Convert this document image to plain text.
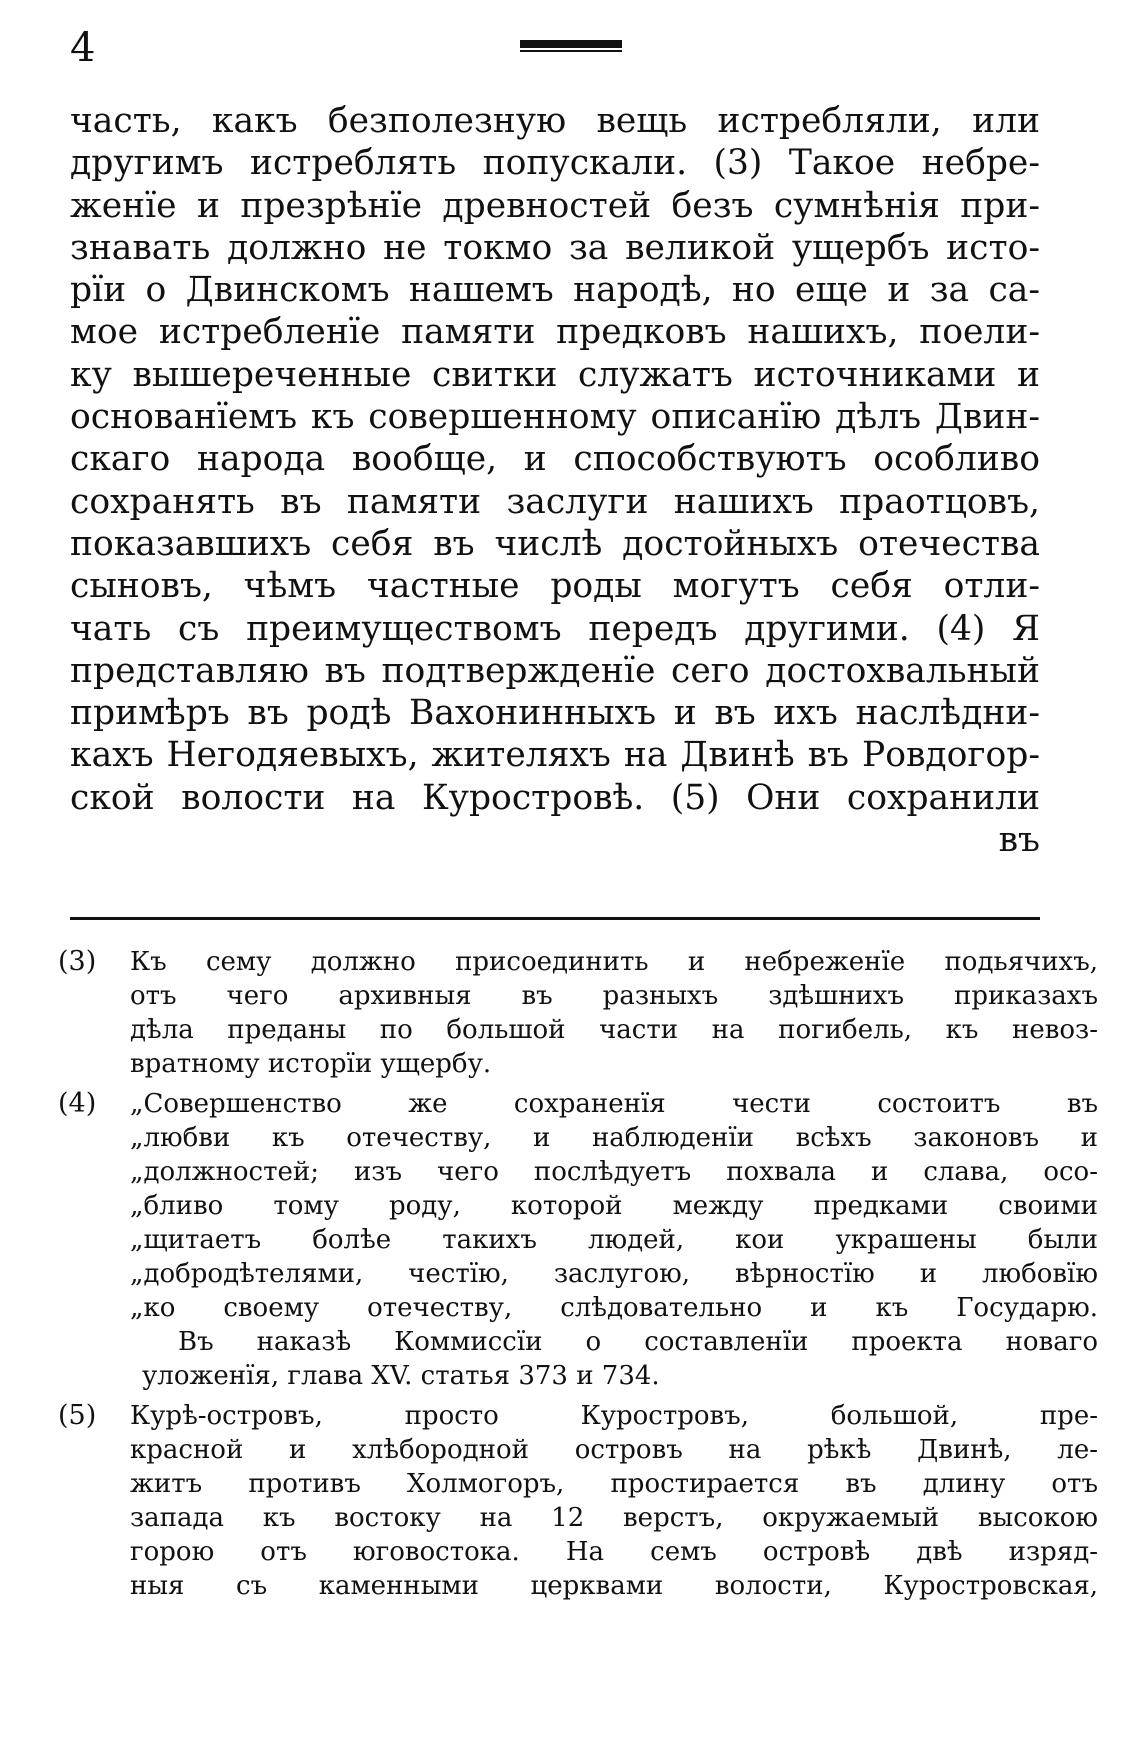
4
часть, какъ безполезную вещь истребляли, или
другимъ истреблять попускали. (3) Такое небре-
женїе и презрѣнїе древностей безъ сумнѣнія при-
знавать должно не токмо за великой ущербъ исто-
рїи о Двинскомъ нашемъ народѣ, но еще и за са-
мое истребленїе памяти предковъ нашихъ, поели-
ку вышереченные свитки служатъ источниками и
основанїемъ къ совершенному описанїю дѣлъ Двин-
скаго народа вообще, и способствуютъ особливо
сохранять въ памяти заслуги нашихъ праотцовъ,
показавшихъ себя въ числѣ достойныхъ отечества
сыновъ, чѣмъ частные роды могутъ себя отли-
чать съ преимуществомъ передъ другими. (4) Я
представляю въ подтвержденїе сего достохвальный
примѣръ въ родѣ Вахонинныхъ и въ ихъ наслѣдни-
кахъ Негодяевыхъ, жителяхъ на Двинѣ въ Ровдогор-
ской волости на Куростровѣ. (5) Они сохранили
въ
(3) Къ сему должно присоединить и небреженїе подьячихъ,
отъ чего архивныя въ разныхъ здѣшнихъ приказахъ
дѣла преданы по большой части на погибель, къ невоз-
вратному исторїи ущербу.
(4) „Совершенство же сохраненїя чести состоитъ въ
„любви къ отечеству, и наблюденїи всѣхъ законовъ и
„должностей; изъ чего послѣдуетъ похвала и слава, осо-
„бливо тому роду, которой между предками своими
„щитаетъ болѣе такихъ людей, кои украшены были
„добродѣтелями, честїю, заслугою, вѣрностїю и любовїю
„ко своему отечеству, слѣдовательно и къ Государю.
Въ наказѣ Коммиссїи о составленїи проекта новаго
уложенїя, глава XV. статья 373 и 734.
(5) Курѣ-островъ, просто Куростровъ, большой, пре-
красной и хлѣбородной островъ на рѣкѣ Двинѣ, ле-
житъ противъ Холмогоръ, простирается въ длину отъ
запада къ востоку на 12 верстъ, окружаемый высокою
горою отъ юговостока. На семъ островѣ двѣ изряд-
ныя съ каменными церквами волости, Куростровская,
